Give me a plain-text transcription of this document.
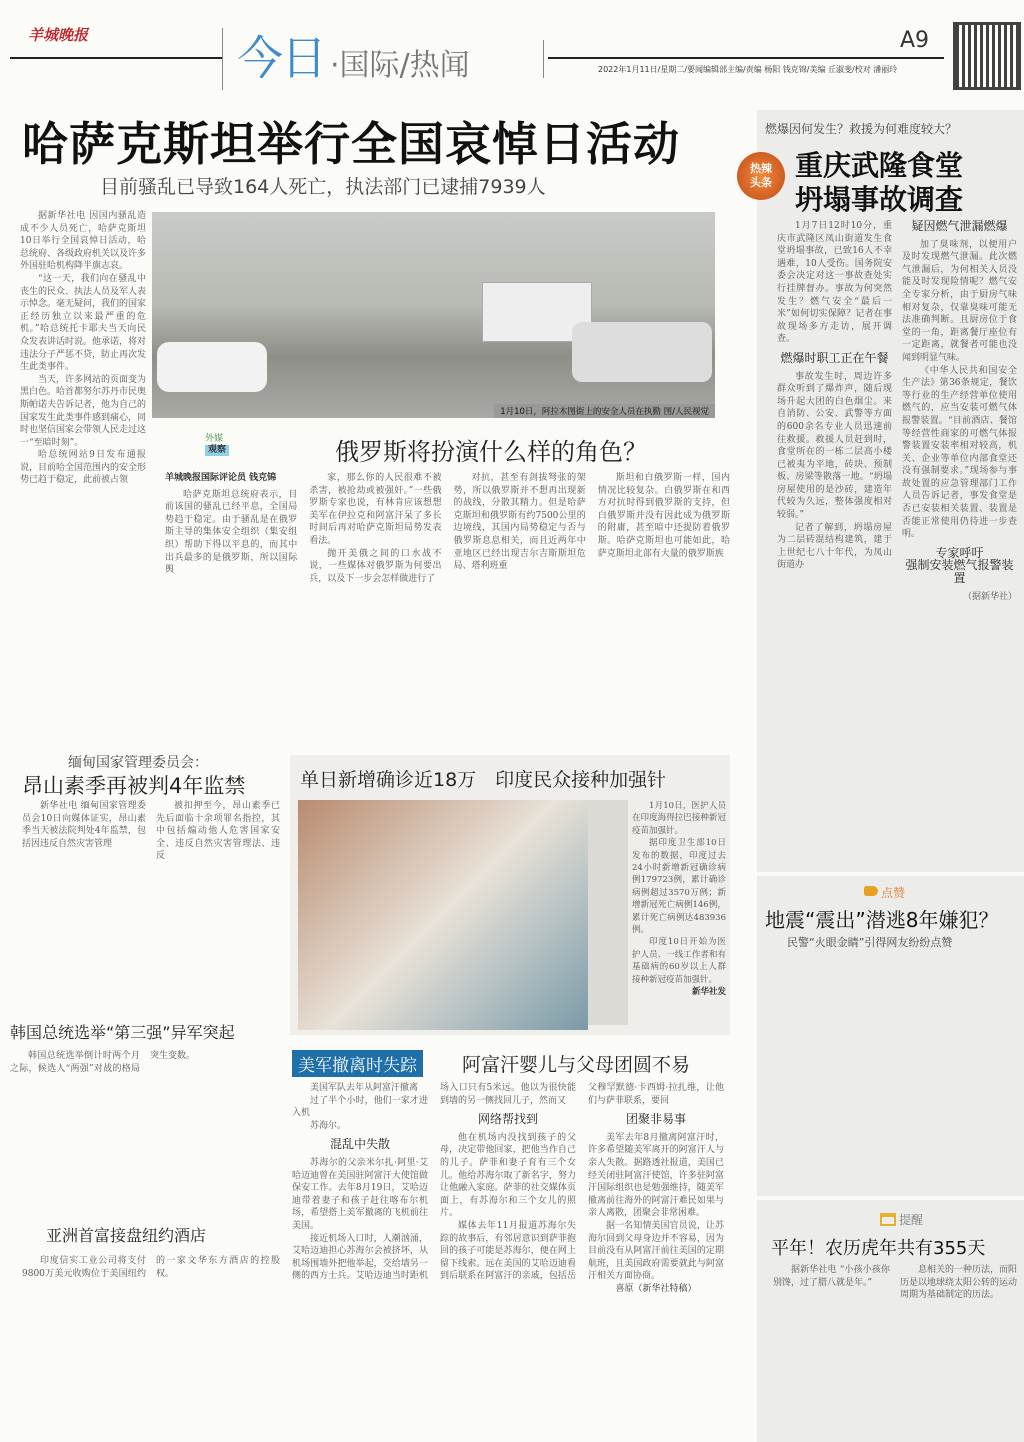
羊城晚报	今日 ·国际/热闻
A9
2022年1月11日/星期二/要闻编辑部主编/责编 杨阳 钱克锦/美编 丘淑斐/校对 潘丽玲
哈萨克斯坦举行全国哀悼日活动
目前骚乱已导致164人死亡，执法部门已逮捕7939人

据新华社电 因国内骚乱造成不少人员死亡，哈萨克斯坦10日举行全国哀悼日活动，哈总统府、各级政府机关以及许多外国驻哈机构降半旗志哀。

“这一天，我们向在骚乱中丧生的民众、执法人员及军人表示悼念。毫无疑问，我们的国家正经历独立以来最严重的危机。”哈总统托卡耶夫当天向民众发表讲话时说。他承诺，将对违法分子严惩不贷，防止再次发生此类事件。

当天，许多网站的页面变为黑白色。哈首都努尔苏丹市民奥斯帕诺夫告诉记者，他为自己的国家发生此类事件感到痛心，同时也坚信国家会带领人民走过这一“至暗时刻”。

哈总统网站9日发布通报说，目前哈全国范围内的安全形势已趋于稳定，此前被占领

1月10日，阿拉木图街上的安全人员在执勤 图/人民视觉
外媒
观察	俄罗斯将扮演什么样的角色？
羊城晚报国际评论员 钱克锦

哈萨克斯坦总统府表示，目前该国的骚乱已经平息，全国局势趋于稳定。由于骚乱是在俄罗斯主导的集体安全组织（集安组织）帮助下得以平息的，而其中出兵最多的是俄罗斯，所以国际舆

家，那么你的人民很难不被杀害，被抢劫或被强奸。”一些俄罗斯专家也说，有林肯应该想想美军在伊拉克和阿富汗呆了多长时间后再对哈萨克斯坦局势发表看法。

抛开美俄之间的口水战不说，一些媒体对俄罗斯为何要出兵，以及下一步会怎样做进行了

对抗，甚至有剑拔弩张的架势，所以俄罗斯并不想再出现新的战线，分散其精力。但是哈萨克斯坦和俄罗斯有约7500公里的边境线，其国内局势稳定与否与俄罗斯息息相关，而且近两年中亚地区已经出现吉尔吉斯斯坦危局、塔利班重

斯坦和白俄罗斯一样，国内情况比较复杂。白俄罗斯在和西方对抗时得到俄罗斯的支持，但白俄罗斯并没有因此成为俄罗斯的附庸，甚至暗中还提防着俄罗斯。哈萨克斯坦也可能如此，哈萨克斯坦北部有大量的俄罗斯族

燃爆因何发生？救援为何难度较大？
热辣头条
重庆武隆食堂
坍塌事故调查

1月7日12时10分，重庆市武隆区凤山街道发生食堂坍塌事故，已致16人不幸遇难，10人受伤。国务院安委会决定对这一事故查处实行挂牌督办。事故为何突然发生？燃气安全“最后一米”如何切实保障？记者在事故现场多方走访，展开调查。

燃爆时职工正在午餐

事故发生时，周边许多群众听到了爆炸声，随后现场升起大团的白色烟尘。来自消防、公安、武警等方面的600余名专业人员迅速前往救援。救援人员赶到时，食堂所在的一栋二层高小楼已被夷为平地，砖块、预制板、房梁等散落一地。“坍塌房屋使用的是沙砖，建造年代较为久远，整体强度相对较弱。”

记者了解到，坍塌房屋为二层砖混结构建筑，建于上世纪七八十年代，为凤山街道办

疑因燃气泄漏燃爆

加了臭味剂，以便用户及时发现燃气泄漏。此次燃气泄漏后，为何相关人员没能及时发现险情呢？燃气安全专家分析，由于厨房气味相对复杂，仅靠臭味可能无法准确判断。且厨房位于食堂的一角，距离餐厅座位有一定距离，就餐者可能也没闻到明显气味。

《中华人民共和国安全生产法》第36条规定，餐饮等行业的生产经营单位使用燃气的，应当安装可燃气体报警装置。“目前酒店、餐馆等经营性商家的可燃气体报警装置安装率相对较高，机关、企业等单位内部食堂还没有强制要求。”现场参与事故处置的应急管理部门工作人员告诉记者，事发食堂是否已安装相关装置、装置是否能正常使用仍待进一步查明。

专家呼吁
强制安装燃气报警装置
（据新华社）
缅甸国家管理委员会：
昂山素季再被判4年监禁

新华社电 缅甸国家管理委员会10日向媒体证实，昂山素季当天被法院判处4年监禁，包括因违反自然灾害管理

被扣押至今，昂山素季已先后面临十余项罪名指控，其中包括煽动他人危害国家安全、违反自然灾害管理法、违反

单日新增确诊近18万　印度民众接种加强针

1月10日，医护人员在印度海得拉巴接种新冠疫苗加强针。

据印度卫生部10日发布的数据，印度过去24小时新增新冠确诊病例179723例，累计确诊病例超过3570万例；新增新冠死亡病例146例，累计死亡病例达483936例。

印度10日开始为医护人员、一线工作者和有基础病的60岁以上人群接种新冠疫苗加强针。

新华社发
韩国总统选举“第三强”异军突起

韩国总统选举倒计时两个月之际，候选人“两强”对战的格局突生变数。

亚洲首富接盘纽约酒店

印度信实工业公司将支付9800万美元收购位于美国纽约的一家文华东方酒店的控股权。

美军撤离时失踪	阿富汗婴儿与父母团圆不易

美国军队去年从阿富汗撤离

过了半个小时，他们一家才进入机

苏海尔。

混乱中失散

苏海尔的父亲米尔扎·阿里·艾哈迈迪曾在美国驻阿富汗大使馆做保安工作。去年8月19日，艾哈迈迪带着妻子和孩子赶往喀布尔机场，希望搭上美军撤离的飞机前往美国。

接近机场入口时，人潮汹涌，艾哈迈迪担心苏海尔会被挤坏，从机场围墙外把他举起，交给墙另一侧的西方士兵。艾哈迈迪当时距机场入口只有5米远。他以为很快能到墙的另一侧找回儿子，然而又

网络帮找到

他在机场内没找到孩子的父母，决定带他回家，把他当作自己的儿子。萨菲和妻子育有三个女儿。他给苏海尔取了新名字，努力让他融入家庭。萨菲的社交媒体页面上，有苏海尔和三个女儿的照片。

媒体去年11月报道苏海尔失踪的故事后，有邻居意识到萨菲抱回的孩子可能是苏海尔，便在网上留下线索。远在美国的艾哈迈迪看到后联系在阿富汗的亲戚，包括岳父穆罕默德·卡西姆·拉扎维，让他们与萨菲联系，要回

团聚非易事

美军去年8月撤离阿富汗时，许多希望随美军离开的阿富汗人与亲人失散。据路透社报道，美国已经关闭驻阿富汗使馆，许多驻阿富汗国际组织也是勉强维持，随美军撤离前往海外的阿富汗难民如果与亲人离散，团聚会非常困难。

据一名知情美国官员说，让苏海尔回到父母身边并不容易，因为目前没有从阿富汗前往美国的定期航班，且美国政府需要就此与阿富汗相关方面协商。

喜原（新华社特稿）
点赞
地震“震出”潜逃8年嫌犯？
民警“火眼金睛”引得网友纷纷点赞
提醒
平年！农历虎年共有355天

据新华社电 “小孩小孩你别馋，过了腊八就是年。”

息相关的一种历法，而阳历是以地球绕太阳公转的运动周期为基础制定的历法。
